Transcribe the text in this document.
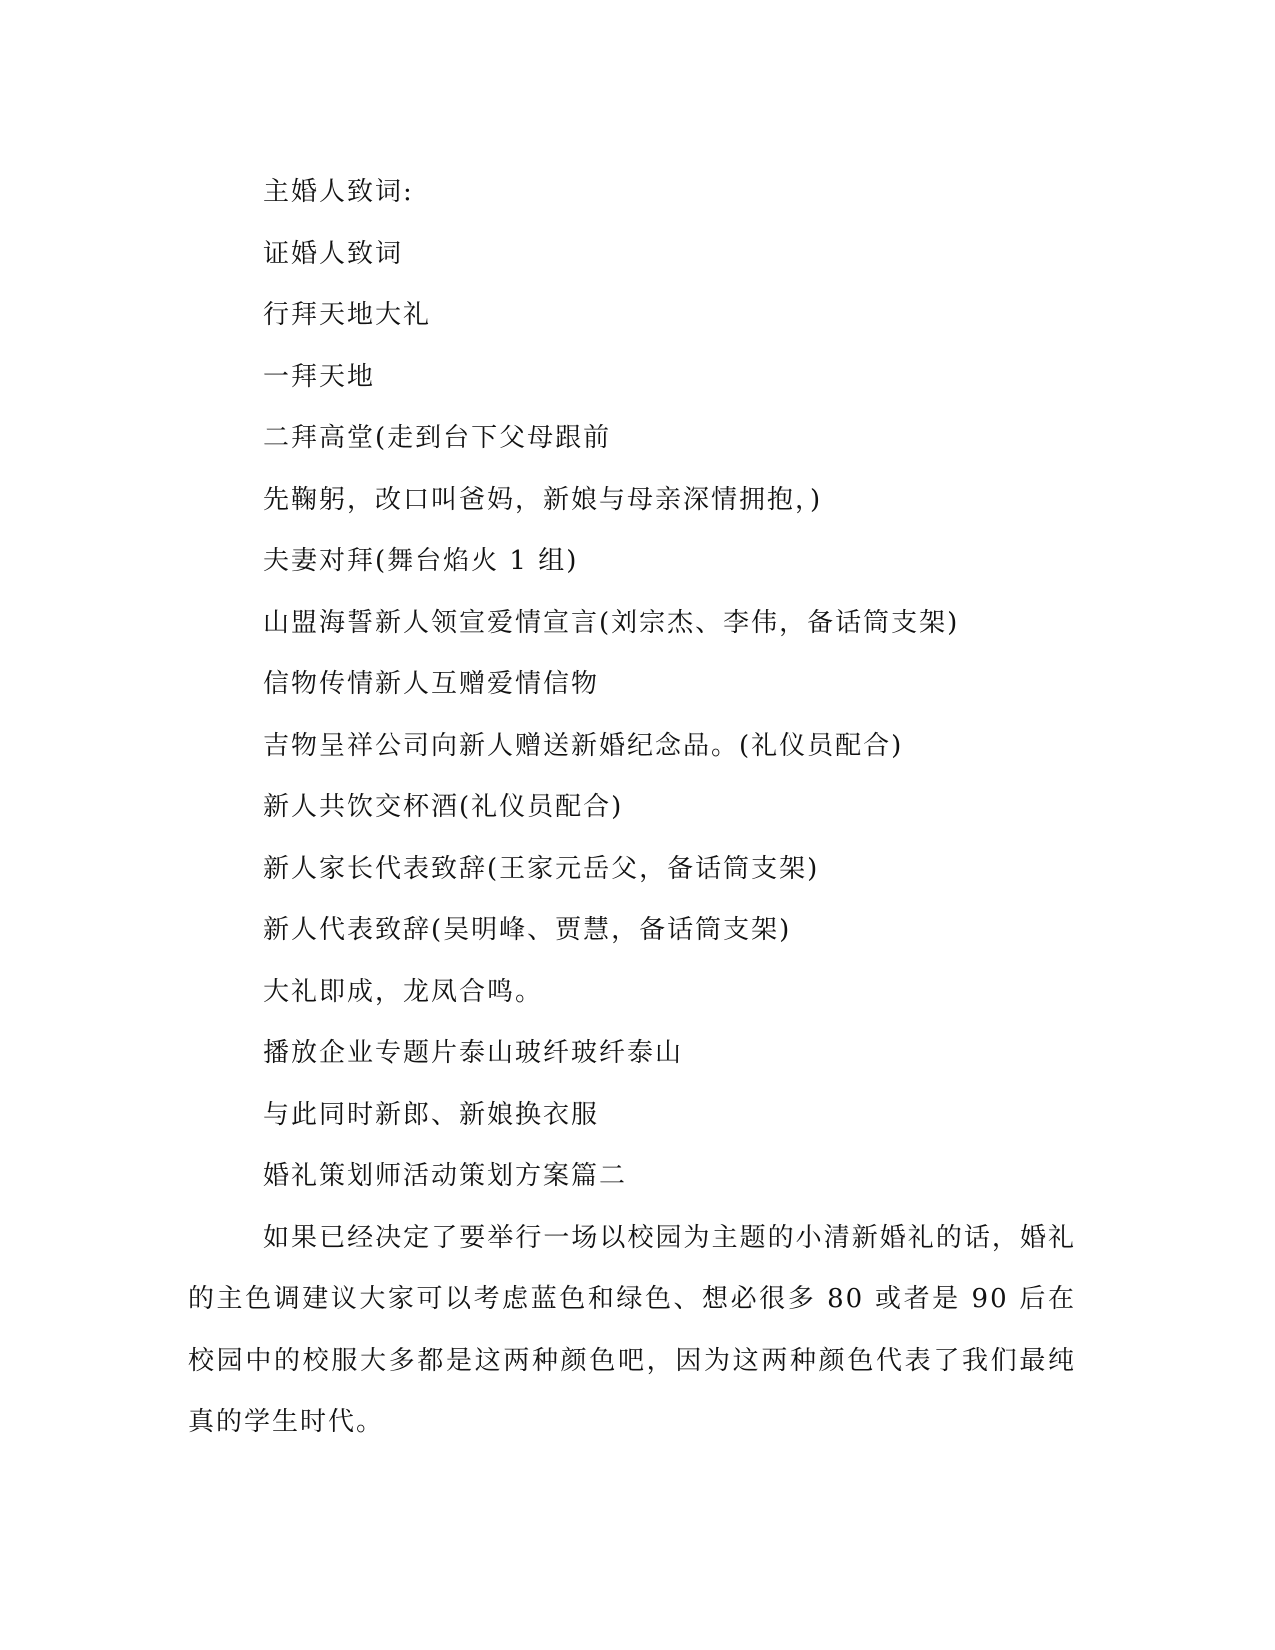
主婚人致词:
证婚人致词
行拜天地大礼
一拜天地
二拜高堂(走到台下父母跟前
先鞠躬，改口叫爸妈，新娘与母亲深情拥抱，)
夫妻对拜(舞台焰火 1 组)
山盟海誓新人领宣爱情宣言(刘宗杰、李伟，备话筒支架)
信物传情新人互赠爱情信物
吉物呈祥公司向新人赠送新婚纪念品。(礼仪员配合)
新人共饮交杯酒(礼仪员配合)
新人家长代表致辞(王家元岳父，备话筒支架)
新人代表致辞(吴明峰、贾慧，备话筒支架)
大礼即成，龙凤合鸣。
播放企业专题片泰山玻纤玻纤泰山
与此同时新郎、新娘换衣服
婚礼策划师活动策划方案篇二

如果已经决定了要举行一场以校园为主题的小清新婚礼的话，婚礼的主色调建议大家可以考虑蓝色和绿色、想必很多 80 或者是 90 后在校园中的校服大多都是这两种颜色吧，因为这两种颜色代表了我们最纯真的学生时代。
